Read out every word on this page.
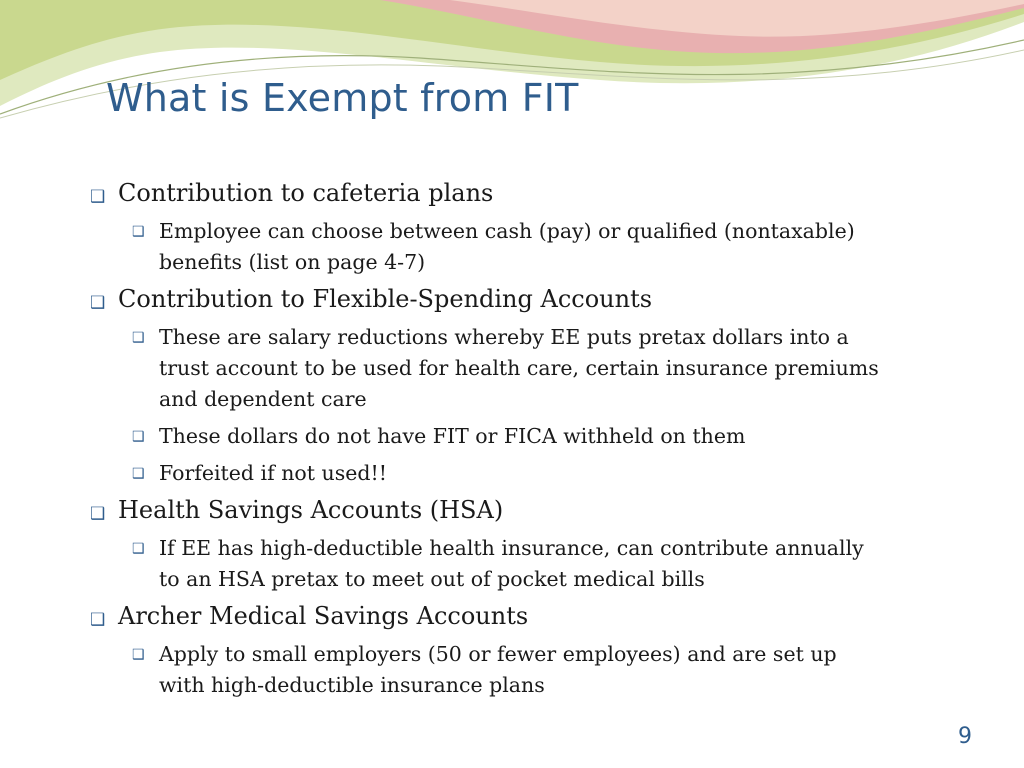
What is Exempt from FIT
❑ Contribution to cafeteria plans
❑ Employee can choose between cash (pay) or qualified (nontaxable) benefits (list on page 4-7)
❑ Contribution to Flexible-Spending Accounts
❑ These are salary reductions whereby EE puts pretax dollars into a trust account to be used for health care, certain insurance premiums and dependent care
❑ These dollars do not have FIT or FICA withheld on them
❑ Forfeited if not used!!
❑ Health Savings Accounts (HSA)
❑ If EE has high-deductible health insurance, can contribute annually to an HSA pretax to meet out of pocket medical bills
❑ Archer Medical Savings Accounts
❑ Apply to small employers (50 or fewer employees) and are set up with high-deductible insurance plans
9
